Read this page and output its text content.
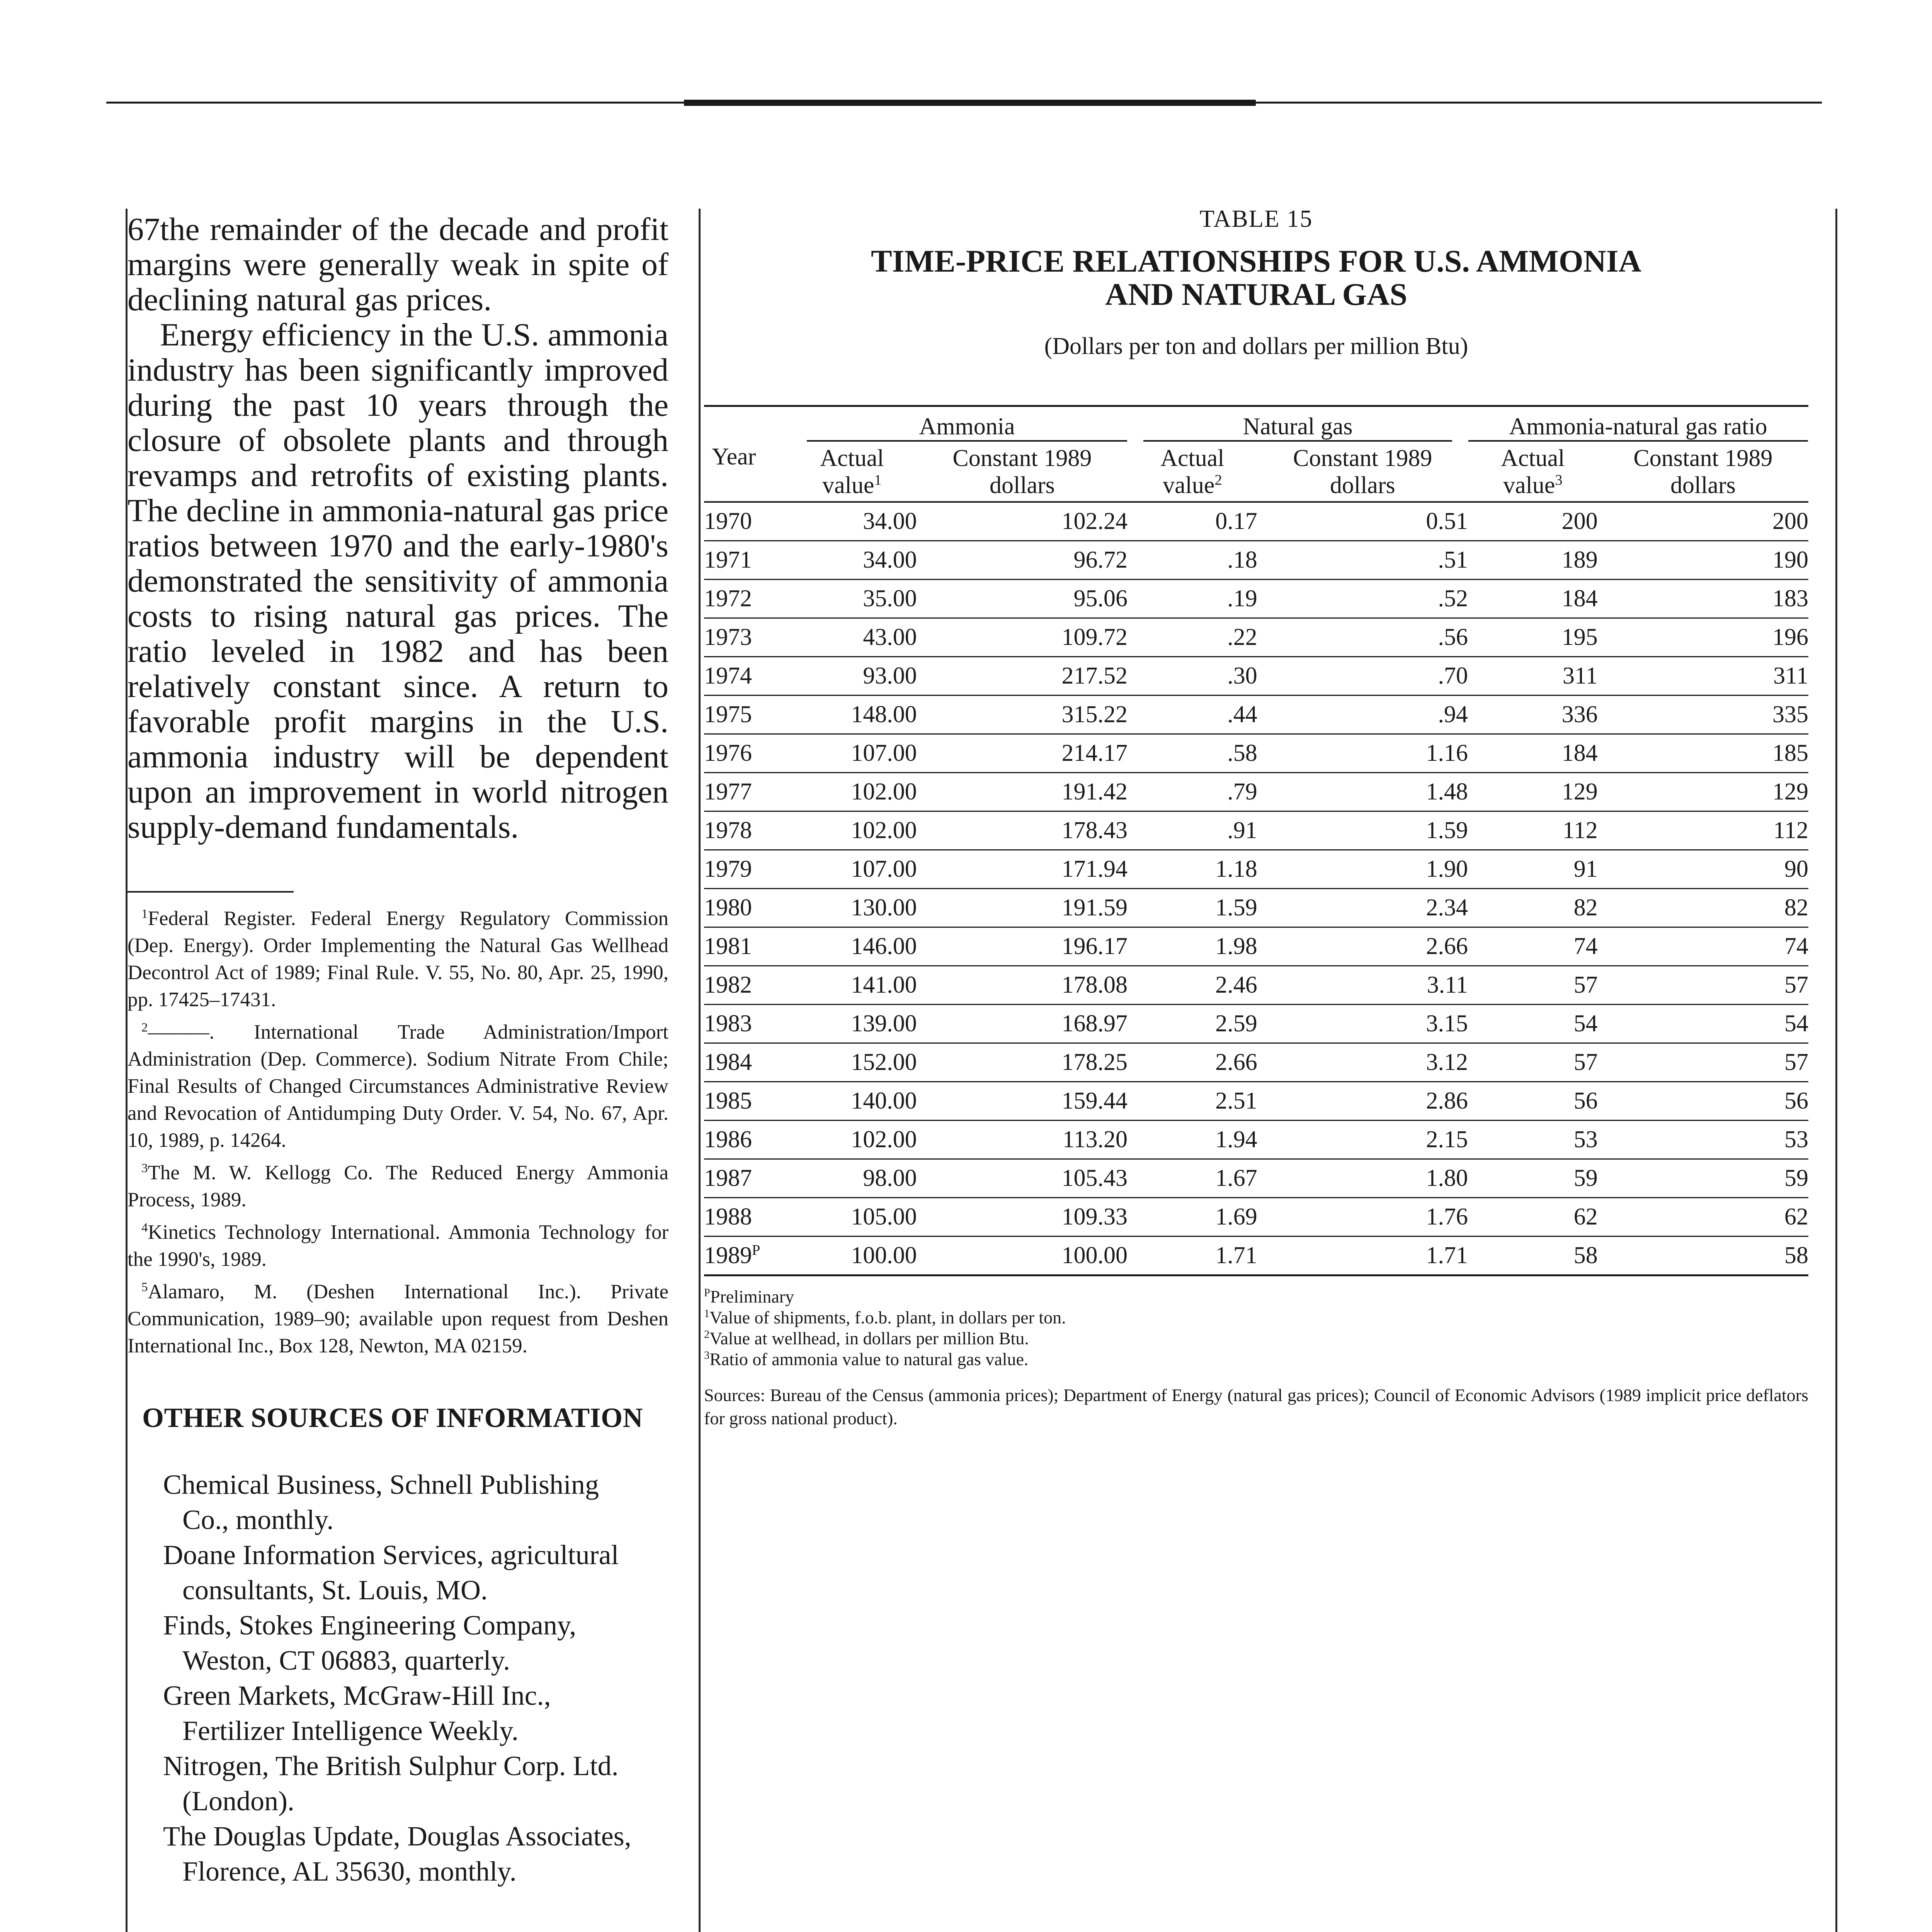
67the remainder of the decade and profit margins were generally weak in spite of declining natural gas prices.

Energy efficiency in the U.S. ammonia industry has been significantly improved during the past 10 years through the closure of obsolete plants and through revamps and retrofits of existing plants. The decline in ammonia-natural gas price ratios between 1970 and the early-1980's demonstrated the sensitivity of ammonia costs to rising natural gas prices. The ratio leveled in 1982 and has been relatively constant since. A return to favorable profit margins in the U.S. ammonia industry will be dependent upon an improvement in world nitrogen supply-demand fundamentals.

$^1$Federal Register. Federal Energy Regulatory Commission (Dep. Energy). Order Implementing the Natural Gas Wellhead Decontrol Act of 1989; Final Rule. V. 55, No. 80, Apr. 25, 1990, pp. 17425–17431.

$^2$———. International Trade Administration/Import Administration (Dep. Commerce). Sodium Nitrate From Chile; Final Results of Changed Circumstances Administrative Review and Revocation of Antidumping Duty Order. V. 54, No. 67, Apr. 10, 1989, p. 14264.

$^3$The M. W. Kellogg Co. The Reduced Energy Ammonia Process, 1989.

$^4$Kinetics Technology International. Ammonia Technology for the 1990's, 1989.

$^5$Alamaro, M. (Deshen International Inc.). Private Communication, 1989–90; available upon request from Deshen International Inc., Box 128, Newton, MA 02159.

OTHER SOURCES OF INFORMATION
Chemical Business, Schnell Publishing Co., monthly.
Doane Information Services, agricultural consultants, St. Louis, MO.
Finds, Stokes Engineering Company, Weston, CT 06883, quarterly.
Green Markets, McGraw-Hill Inc., Fertilizer Intelligence Weekly.
Nitrogen, The British Sulphur Corp. Ltd. (London).
The Douglas Update, Douglas Associates, Florence, AL 35630, monthly.
TABLE 15
TIME-PRICE RELATIONSHIPS FOR U.S. AMMONIA
AND NATURAL GAS
(Dollars per ton and dollars per million Btu)
Year	Ammonia		Natural gas		Ammonia-natural gas ratio	

	Actual value$^1$	Constant 1989 dollars	Actual value$^2$	Constant 1989 dollars	Actual value$^3$	Constant 1989 dollars
1970	34.00	102.24	0.17	0.51	200	200
1971	34.00	96.72	.18	.51	189	190
1972	35.00	95.06	.19	.52	184	183
1973	43.00	109.72	.22	.56	195	196
1974	93.00	217.52	.30	.70	311	311
1975	148.00	315.22	.44	.94	336	335
1976	107.00	214.17	.58	1.16	184	185
1977	102.00	191.42	.79	1.48	129	129
1978	102.00	178.43	.91	1.59	112	112
1979	107.00	171.94	1.18	1.90	91	90
1980	130.00	191.59	1.59	2.34	82	82
1981	146.00	196.17	1.98	2.66	74	74
1982	141.00	178.08	2.46	3.11	57	57
1983	139.00	168.97	2.59	3.15	54	54
1984	152.00	178.25	2.66	3.12	57	57
1985	140.00	159.44	2.51	2.86	56	56
1986	102.00	113.20	1.94	2.15	53	53
1987	98.00	105.43	1.67	1.80	59	59
1988	105.00	109.33	1.69	1.76	62	62
$1989^P$	100.00	100.00	1.71	1.71	58	58

$^P$Preliminary

$^1$Value of shipments, f.o.b. plant, in dollars per ton.

$^2$Value at wellhead, in dollars per million Btu.

$^3$Ratio of ammonia value to natural gas value.

Sources: Bureau of the Census (ammonia prices); Department of Energy (natural gas prices); Council of Economic Advisors (1989 implicit price deflators for gross national product).
